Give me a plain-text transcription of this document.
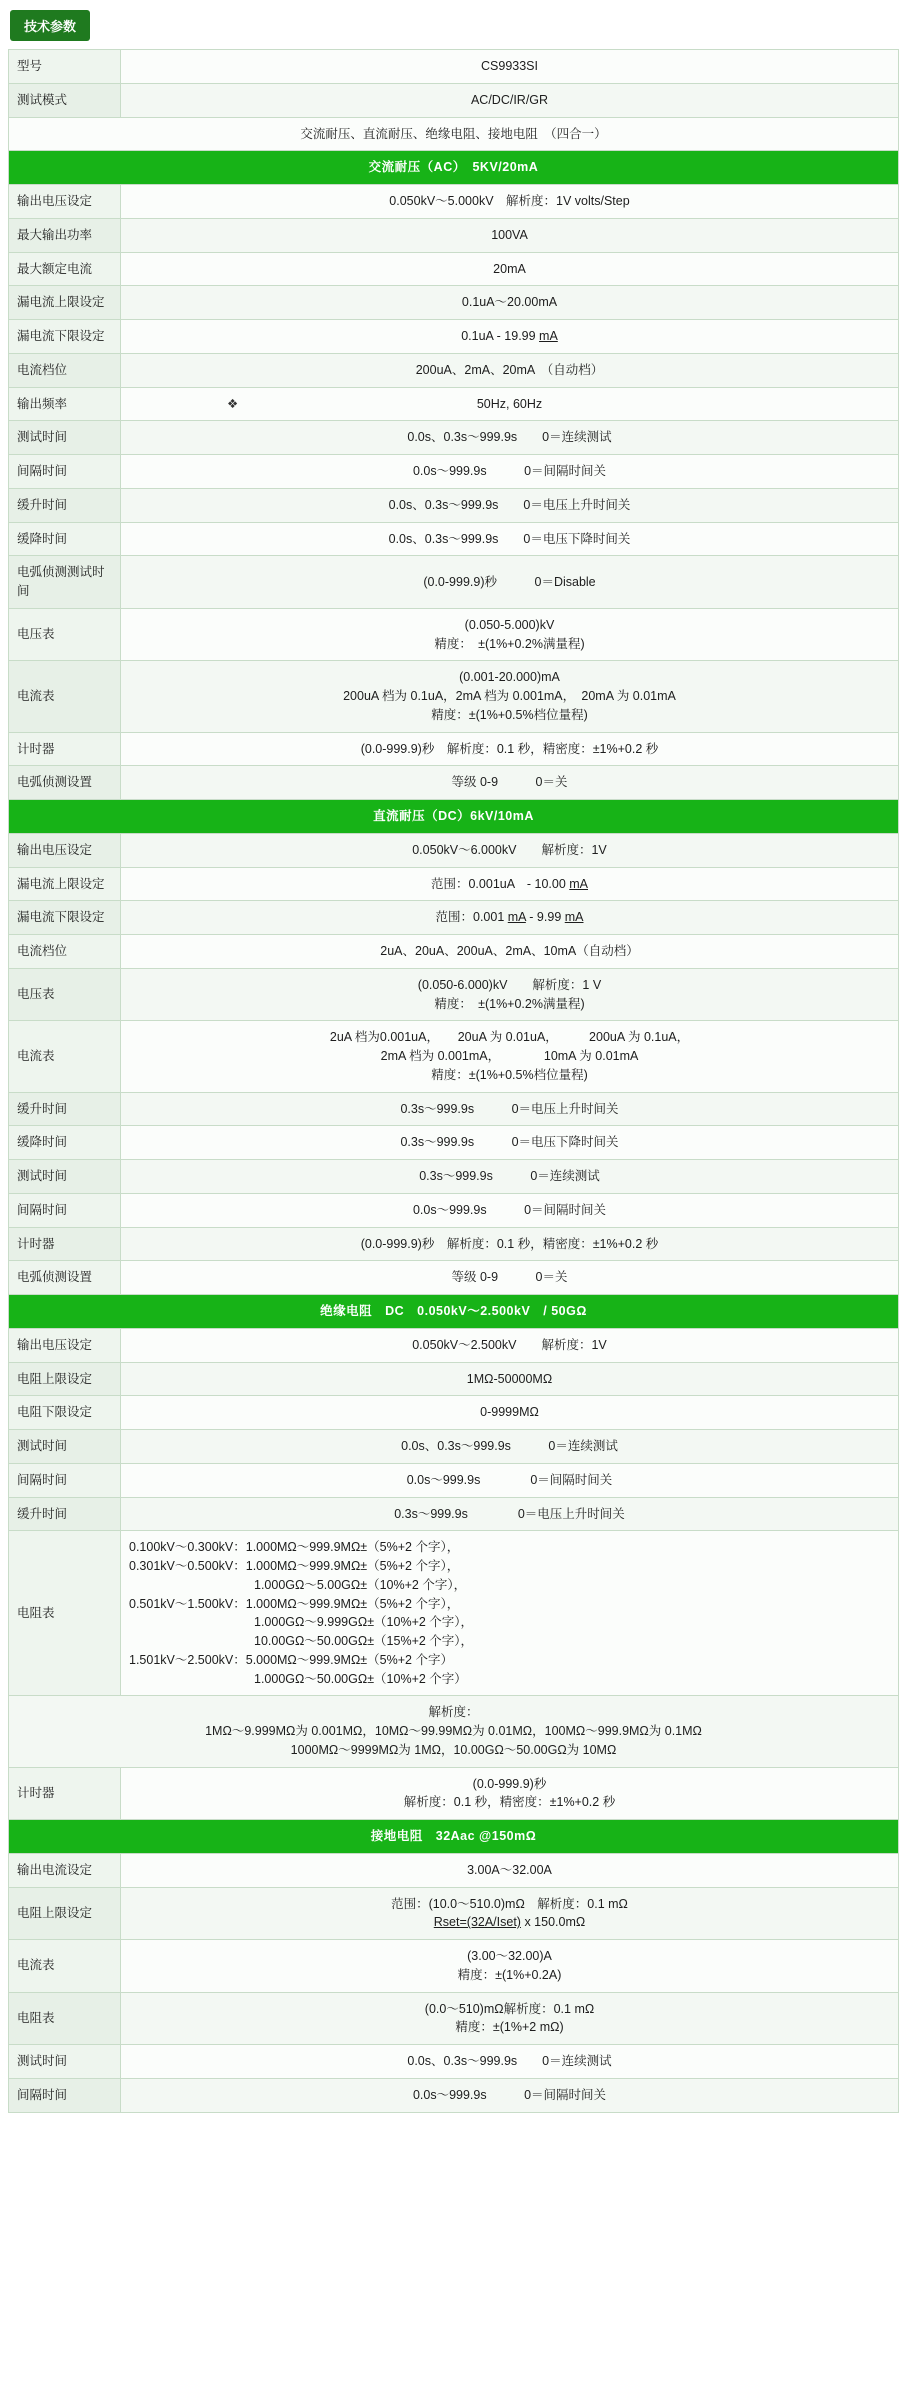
技术参数
型号	CS9933SI
测试模式	AC/DC/IR/GR
交流耐压、直流耐压、绝缘电阻、接地电阻　（四合一）	
交流耐压（AC）　5KV/20mA	
输出电压设定	0.050kV～5.000kV　解析度：1V volts/Step
最大输出功率	100VA
最大额定电流	20mA
漏电流上限设定	0.1uA～20.00mA
漏电流下限设定	0.1uA - 19.99 mA
电流档位	200uA、2mA、20mA　（自动档）
输出频率	❖ 50Hz, 60Hz
测试时间	0.0s、0.3s～999.9s　　0＝连续测试
间隔时间	0.0s～999.9s　　　0＝间隔时间关
缓升时间	0.0s、0.3s～999.9s　　0＝电压上升时间关
缓降时间	0.0s、0.3s～999.9s　　0＝电压下降时间关
电弧侦测测试时间	(0.0-999.9)秒　　　0＝Disable
电压表	(0.050-5.000)kV
精度：　±(1%+0.2%满量程)

电流表	(0.001-20.000)mA
200uA 档为 0.1uA，2mA 档为 0.001mA，　20mA 为 0.01mA
精度：±(1%+0.5%档位量程)

计时器	(0.0-999.9)秒　解析度：0.1 秒，精密度：±1%+0.2 秒
电弧侦测设置	等级 0-9　　　0＝关
直流耐压（DC）6kV/10mA	
输出电压设定	0.050kV～6.000kV　　解析度：1V
漏电流上限设定	范围：0.001uA　- 10.00 mA
漏电流下限设定	范围：0.001 mA - 9.99 mA
电流档位	2uA、20uA、200uA、2mA、10mA（自动档）
电压表	(0.050-6.000)kV　　解析度：1 V
精度：　±(1%+0.2%满量程)

电流表	2uA 档为0.001uA，　　20uA 为 0.01uA，　　　200uA 为 0.1uA，
2mA 档为 0.001mA，　　　　10mA 为 0.01mA
精度：±(1%+0.5%档位量程)

缓升时间	0.3s～999.9s　　　0＝电压上升时间关
缓降时间	0.3s～999.9s　　　0＝电压下降时间关
测试时间	0.3s～999.9s　　　0＝连续测试
间隔时间	0.0s～999.9s　　　0＝间隔时间关
计时器	(0.0-999.9)秒　解析度：0.1 秒，精密度：±1%+0.2 秒
电弧侦测设置	等级 0-9　　　0＝关
绝缘电阻　DC　0.050kV～2.500kV　/ 50GΩ	
输出电压设定	0.050kV～2.500kV　　解析度：1V
电阻上限设定	1MΩ-50000MΩ
电阻下限设定	0-9999MΩ
测试时间	0.0s、0.3s～999.9s　　　0＝连续测试
间隔时间	0.0s～999.9s　　　　0＝间隔时间关
缓升时间	0.3s～999.9s　　　　0＝电压上升时间关
电阻表	
0.100kV～0.300kV：1.000MΩ～999.9MΩ±（5%+2 个字），
0.301kV～0.500kV：1.000MΩ～999.9MΩ±（5%+2 个字），
　　　　　　　　　　1.000GΩ～5.00GΩ±（10%+2 个字），
0.501kV～1.500kV：1.000MΩ～999.9MΩ±（5%+2 个字），
　　　　　　　　　　1.000GΩ～9.999GΩ±（10%+2 个字），
　　　　　　　　　　10.00GΩ～50.00GΩ±（15%+2 个字），
1.501kV～2.500kV：5.000MΩ～999.9MΩ±（5%+2 个字）
　　　　　　　　　　1.000GΩ～50.00GΩ±（10%+2 个字）

解析度：
1MΩ～9.999MΩ为 0.001MΩ，10MΩ～99.99MΩ为 0.01MΩ，100MΩ～999.9MΩ为 0.1MΩ
1000MΩ～9999MΩ为 1MΩ，10.00GΩ～50.00GΩ为 10MΩ	

计时器	(0.0-999.9)秒
解析度：0.1 秒，精密度：±1%+0.2 秒

接地电阻　32Aac @150mΩ	
输出电流设定	3.00A～32.00A
电阻上限设定	范围：(10.0～510.0)mΩ　解析度：0.1 mΩ
Rset=(32A/Iset) x 150.0mΩ

电流表	(3.00～32.00)A
精度：±(1%+0.2A)

电阻表	(0.0～510)mΩ解析度：0.1 mΩ
精度：±(1%+2 mΩ)

测试时间	0.0s、0.3s～999.9s　　0＝连续测试
间隔时间	0.0s～999.9s　　　0＝间隔时间关
